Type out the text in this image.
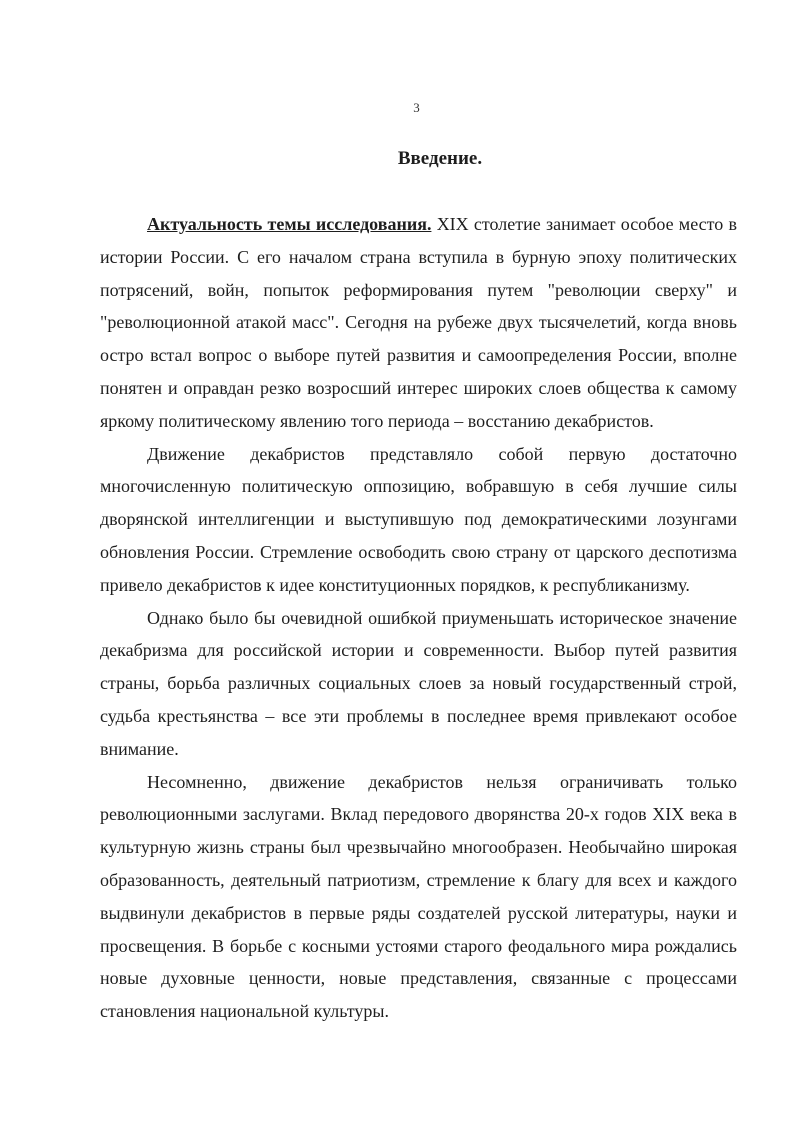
3
Введение.

Актуальность темы исследования. XIX столетие занимает особое место в истории России. С его началом страна вступила в бурную эпоху политических потрясений, войн, попыток реформирования путем "революции сверху" и "революционной атакой масс". Сегодня на рубеже двух тысячелетий, когда вновь остро встал вопрос о выборе путей развития и самоопределения России, вполне понятен и оправдан резко возросший интерес широких слоев общества к самому яркому политическому явлению того периода – восстанию декабристов.

Движение декабристов представляло собой первую достаточно многочисленную политическую оппозицию, вобравшую в себя лучшие силы дворянской интеллигенции и выступившую под демократическими лозунгами обновления России. Стремление освободить свою страну от царского деспотизма привело декабристов к идее конституционных порядков, к республиканизму.

Однако было бы очевидной ошибкой приуменьшать историческое значение декабризма для российской истории и современности. Выбор путей развития страны, борьба различных социальных слоев за новый государственный строй, судьба крестьянства – все эти проблемы в последнее время привлекают особое внимание.

Несомненно, движение декабристов нельзя ограничивать только революционными заслугами. Вклад передового дворянства 20-х годов XIX века в культурную жизнь страны был чрезвычайно многообразен. Необычайно широкая образованность, деятельный патриотизм, стремление к благу для всех и каждого выдвинули декабристов в первые ряды создателей русской литературы, науки и просвещения. В борьбе с косными устоями старого феодального мира рождались новые духовные ценности, новые представления, связанные с процессами становления национальной культуры.
